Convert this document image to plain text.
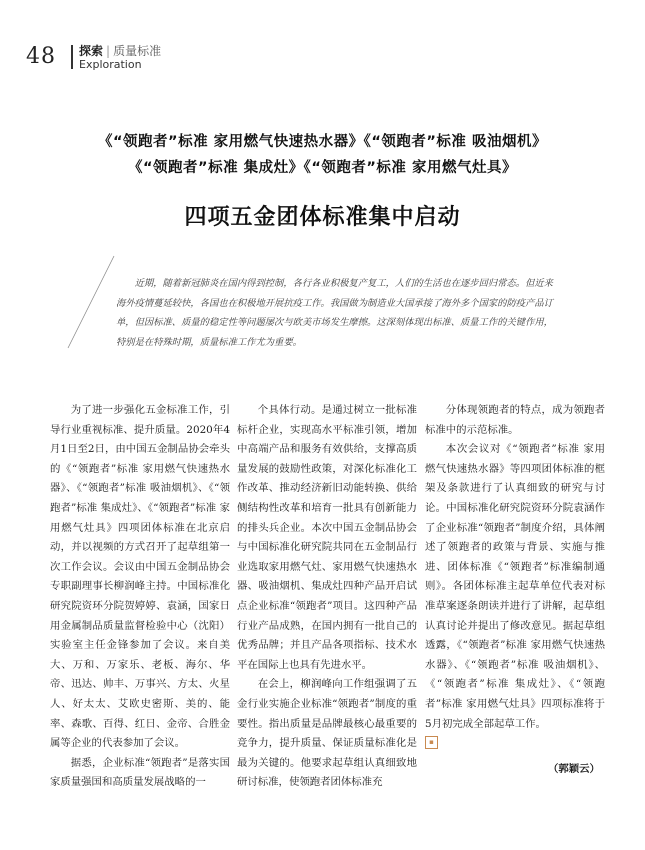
48 探索 | 质量标准
Exploration
《“领跑者”标准 家用燃气快速热水器》《“领跑者”标准 吸油烟机》
《“领跑者”标准 集成灶》《“领跑者”标准 家用燃气灶具》
四项五金团体标准集中启动

近期，随着新冠肺炎在国内得到控制，各行各业积极复产复工，人们的生活也在逐步回归常态。但近来海外疫情蔓延较快，各国也在积极地开展抗疫工作。我国做为制造业大国承接了海外多个国家的防疫产品订单，但因标准、质量的稳定性等问题屡次与欧美市场发生摩擦。这深刻体现出标准、质量工作的关键作用，特别是在特殊时期，质量标准工作尤为重要。

为了进一步强化五金标准工作，引导行业重视标准、提升质量。2020年4月1日至2日，由中国五金制品协会牵头的《“领跑者”标准 家用燃气快速热水器》、《“领跑者”标准 吸油烟机》、《“领跑者”标准 集成灶》、《“领跑者”标准 家用燃气灶具》四项团体标准在北京启动，并以视频的方式召开了起草组第一次工作会议。会议由中国五金制品协会专职副理事长柳润峰主持。中国标准化研究院资环分院贺婷婷、袁涵，国家日用金属制品质量监督检验中心（沈阳）实验室主任金锋参加了会议。来自美大、万和、万家乐、老板、海尔、华帝、迅达、帅丰、万事兴、方太、火星人、好太太、艾欧史密斯、美的、能率、森歌、百得、红日、金帝、合胜金属等企业的代表参加了会议。

据悉，企业标准“领跑者”是落实国家质量强国和高质量发展战略的一

个具体行动。是通过树立一批标准标杆企业，实现高水平标准引领，增加中高端产品和服务有效供给，支撑高质量发展的鼓励性政策，对深化标准化工作改革、推动经济新旧动能转换、供给侧结构性改革和培育一批具有创新能力的排头兵企业。本次中国五金制品协会与中国标准化研究院共同在五金制品行业选取家用燃气灶、家用燃气快速热水器、吸油烟机、集成灶四种产品开启试点企业标准“领跑者”项目。这四种产品行业产品成熟，在国内拥有一批自己的优秀品牌；并且产品各项指标、技术水平在国际上也具有先进水平。

在会上，柳润峰向工作组强调了五金行业实施企业标准“领跑者”制度的重要性。指出质量是品牌最核心最重要的竞争力，提升质量、保证质量标准化是最为关键的。他要求起草组认真细致地研讨标准，使领跑者团体标准充

分体现领跑者的特点，成为领跑者标准中的示范标准。

本次会议对《“领跑者”标准 家用燃气快速热水器》等四项团体标准的框架及条款进行了认真细致的研究与讨论。中国标准化研究院资环分院袁涵作了企业标准“领跑者”制度介绍，具体阐述了领跑者的政策与背景、实施与推进、团体标准《“领跑者”标准编制通则》。各团体标准主起草单位代表对标准草案逐条朗读并进行了讲解，起草组认真讨论并提出了修改意见。据起草组透露，《“领跑者”标准 家用燃气快速热水器》、《“领跑者”标准 吸油烟机》、《“领跑者”标准 集成灶》、《“领跑者”标准 家用燃气灶具》四项标准将于5月初完成全部起草工作。

▪
（郭颖云）
